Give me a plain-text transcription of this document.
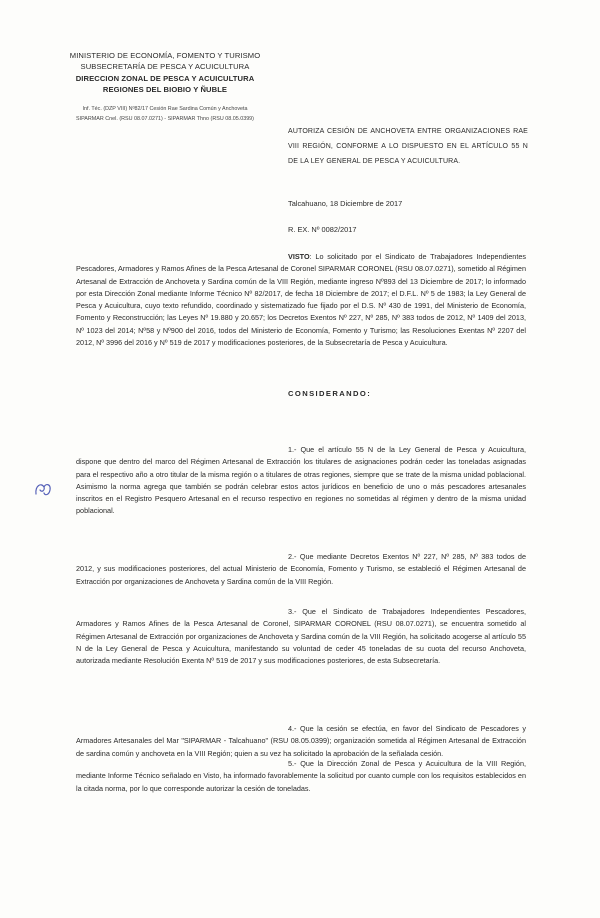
MINISTERIO DE ECONOMÍA, FOMENTO Y TURISMO
SUBSECRETARÍA DE PESCA Y ACUICULTURA
DIRECCION ZONAL DE PESCA Y ACUICULTURA
REGIONES DEL BIOBIO Y ÑUBLE
Inf. Téc. (DZP VIII) Nº82/17 Cesión Rae Sardina Común y Anchoveta
SIPARMAR Cnel. (RSU 08.07.0271) - SIPARMAR Thno (RSU 08.05.0399)
AUTORIZA CESIÓN DE ANCHOVETA ENTRE ORGANIZACIONES RAE VIII REGIÓN, CONFORME A LO DISPUESTO EN EL ARTÍCULO 55 N DE LA LEY GENERAL DE PESCA Y ACUICULTURA.
Talcahuano, 18 Diciembre de 2017
R. EX. Nº 0082/2017
VISTO: Lo solicitado por el Sindicato de Trabajadores Independientes Pescadores, Armadores y Ramos Afines de la Pesca Artesanal de Coronel SIPARMAR CORONEL (RSU 08.07.0271), sometido al Régimen Artesanal de Extracción de Anchoveta y Sardina común de la VIII Región, mediante ingreso Nº893 del 13 Diciembre de 2017; lo informado por esta Dirección Zonal mediante Informe Técnico Nº 82/2017, de fecha 18 Diciembre de 2017; el D.F.L. Nº 5 de 1983; la Ley General de Pesca y Acuicultura, cuyo texto refundido, coordinado y sistematizado fue fijado por el D.S. Nº 430 de 1991, del Ministerio de Economía, Fomento y Reconstrucción; las Leyes Nº 19.880 y 20.657; los Decretos Exentos Nº 227, Nº 285, Nº 383 todos de 2012, Nº 1409 del 2013, Nº 1023 del 2014; Nº58 y Nº900 del 2016, todos del Ministerio de Economía, Fomento y Turismo; las Resoluciones Exentas Nº 2207 del 2012, Nº 3996 del 2016 y Nº 519 de 2017 y modificaciones posteriores, de la Subsecretaría de Pesca y Acuicultura.
CONSIDERANDO:
1.- Que el artículo 55 N de la Ley General de Pesca y Acuicultura, dispone que dentro del marco del Régimen Artesanal de Extracción los titulares de asignaciones podrán ceder las toneladas asignadas para el respectivo año a otro titular de la misma región o a titulares de otras regiones, siempre que se trate de la misma unidad poblacional. Asimismo la norma agrega que también se podrán celebrar estos actos jurídicos en beneficio de uno o más pescadores artesanales inscritos en el Registro Pesquero Artesanal en el recurso respectivo en regiones no sometidas al régimen y dentro de la misma unidad poblacional.
2.- Que mediante Decretos Exentos Nº 227, Nº 285, Nº 383 todos de 2012, y sus modificaciones posteriores, del actual Ministerio de Economía, Fomento y Turismo, se estableció el Régimen Artesanal de Extracción por organizaciones de Anchoveta y Sardina común de la VIII Región.
3.- Que el Sindicato de Trabajadores Independientes Pescadores, Armadores y Ramos Afines de la Pesca Artesanal de Coronel, SIPARMAR CORONEL (RSU 08.07.0271), se encuentra sometido al Régimen Artesanal de Extracción por organizaciones de Anchoveta y Sardina común de la VIII Región, ha solicitado acogerse al artículo 55 N de la Ley General de Pesca y Acuicultura, manifestando su voluntad de ceder 45 toneladas de su cuota del recurso Anchoveta, autorizada mediante Resolución Exenta Nº 519 de 2017 y sus modificaciones posteriores, de esta Subsecretaría.
4.- Que la cesión se efectúa, en favor del Sindicato de Pescadores y Armadores Artesanales del Mar "SIPARMAR - Talcahuano" (RSU 08.05.0399); organización sometida al Régimen Artesanal de Extracción de sardina común y anchoveta en la VIII Región; quien a su vez ha solicitado la aprobación de la señalada cesión.
5.- Que la Dirección Zonal de Pesca y Acuicultura de la VIII Región, mediante Informe Técnico señalado en Visto, ha informado favorablemente la solicitud por cuanto cumple con los requisitos establecidos en la citada norma, por lo que corresponde autorizar la cesión de toneladas.
